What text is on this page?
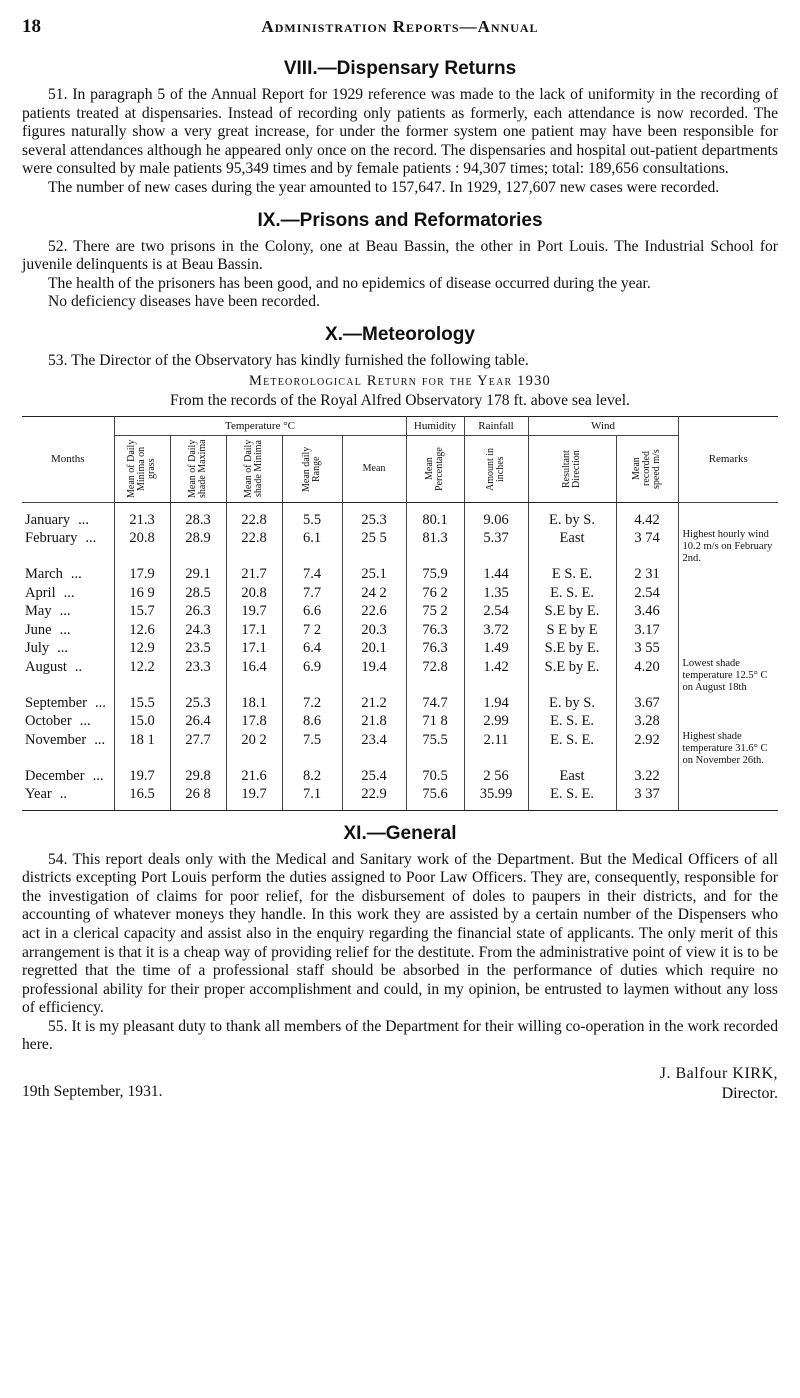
18	Administration Reports—Annual
VIII.—Dispensary Returns

51. In paragraph 5 of the Annual Report for 1929 reference was made to the lack of uniformity in the recording of patients treated at dispensaries. Instead of recording only patients as formerly, each attendance is now recorded. The figures naturally show a very great increase, for under the former system one patient may have been responsible for several attendances although he appeared only once on the record. The dispensaries and hospital out-patient departments were consulted by male patients 95,349 times and by female patients : 94,307 times; total: 189,656 consultations.

The number of new cases during the year amounted to 157,647. In 1929, 127,607 new cases were recorded.

IX.—Prisons and Reformatories

52. There are two prisons in the Colony, one at Beau Bassin, the other in Port Louis. The Industrial School for juvenile delinquents is at Beau Bassin.

The health of the prisoners has been good, and no epidemics of disease occurred during the year.

No deficiency diseases have been recorded.

X.—Meteorology

53. The Director of the Observatory has kindly furnished the following table.

Meteorological Return for the Year 1930
From the records of the Royal Alfred Observatory 178 ft. above sea level.
Months	Temperature °C					Humidity	Rainfall	Wind		Remarks

	Mean of Daily Minima on grass	Mean of Daily shade Maxima	Mean of Daily shade Minima	Mean daily Range	Mean	Mean Percentage	Amount in inches	Resultant Direction	Mean recorded speed m/s	

January ...	21.3	28.3	22.8	5.5	25.3	80.1	9.06	E. by S.	4.42	
February ...	20.8	28.9	22.8	6.1	25 5	81.3	5.37	East	3 74	Highest hourly wind 10.2 m/s on February 2nd.
March ...	17.9	29.1	21.7	7.4	25.1	75.9	1.44	E S. E.	2 31	
April ...	16 9	28.5	20.8	7.7	24 2	76 2	1.35	E. S. E.	2.54	
May ...	15.7	26.3	19.7	6.6	22.6	75 2	2.54	S.E by E.	3.46	
June ...	12.6	24.3	17.1	7 2	20.3	76.3	3.72	S E by E	3.17	
July ...	12.9	23.5	17.1	6.4	20.1	76.3	1.49	S.E by E.	3 55	
August ..	12.2	23.3	16.4	6.9	19.4	72.8	1.42	S.E by E.	4.20	Lowest shade temperature 12.5° C on August 18th
September ...	15.5	25.3	18.1	7.2	21.2	74.7	1.94	E. by S.	3.67	
October ...	15.0	26.4	17.8	8.6	21.8	71 8	2.99	E. S. E.	3.28	
November ...	18 1	27.7	20 2	7.5	23.4	75.5	2.11	E. S. E.	2.92	Highest shade temperature 31.6° C on November 26th.
December ...	19.7	29.8	21.6	8.2	25.4	70.5	2 56	East	3.22	
Year ..	16.5	26 8	19.7	7.1	22.9	75.6	35.99	E. S. E.	3 37	
XI.—General

54. This report deals only with the Medical and Sanitary work of the Department. But the Medical Officers of all districts excepting Port Louis perform the duties assigned to Poor Law Officers. They are, consequently, responsible for the investigation of claims for poor relief, for the disbursement of doles to paupers in their districts, and for the accounting of whatever moneys they handle. In this work they are assisted by a certain number of the Dispensers who act in a clerical capacity and assist also in the enquiry regarding the financial state of applicants. The only merit of this arrangement is that it is a cheap way of providing relief for the destitute. From the administrative point of view it is to be regretted that the time of a professional staff should be absorbed in the performance of duties which require no professional ability for their proper accomplishment and could, in my opinion, be entrusted to laymen without any loss of efficiency.

55. It is my pleasant duty to thank all members of the Department for their willing co-operation in the work recorded here.

19th September, 1931.
J. Balfour KIRK,
Director.
